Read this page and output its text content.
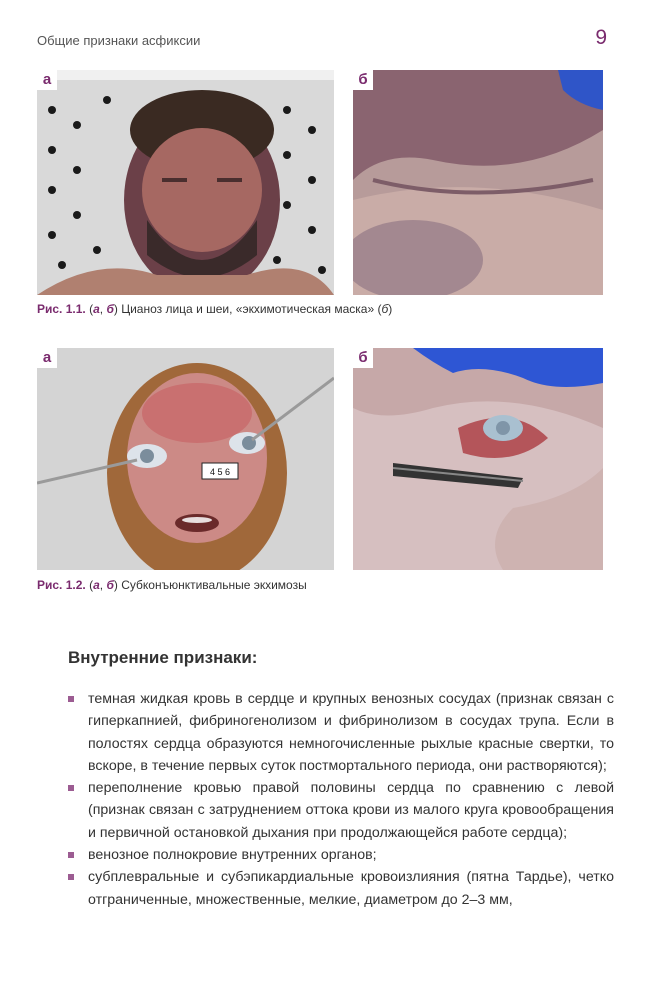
Общие признаки асфиксии	9
а	б
Рис. 1.1. (а, б) Цианоз лица и шеи, «экхимотическая маска» (б)
4 5 6
а	б
Рис. 1.2. (а, б) Субконъюнктивальные экхимозы
Внутренние признаки:
темная жидкая кровь в сердце и крупных венозных сосудах (признак связан с гиперкапнией, фибриногенолизом и фибринолизом в сосудах трупа. Если в полостях сердца образуются немногочисленные рыхлые красные свертки, то вскоре, в течение первых суток постмортального периода, они растворяются);
переполнение кровью правой половины сердца по сравнению с левой (признак связан с затруднением оттока крови из малого круга кровообращения и первичной остановкой дыхания при продолжающейся работе сердца);
венозное полнокровие внутренних органов;
субплевральные и субэпикардиальные кровоизлияния (пятна Тардье), четко отграниченные, множественные, мелкие, диаметром до 2–3 мм,
